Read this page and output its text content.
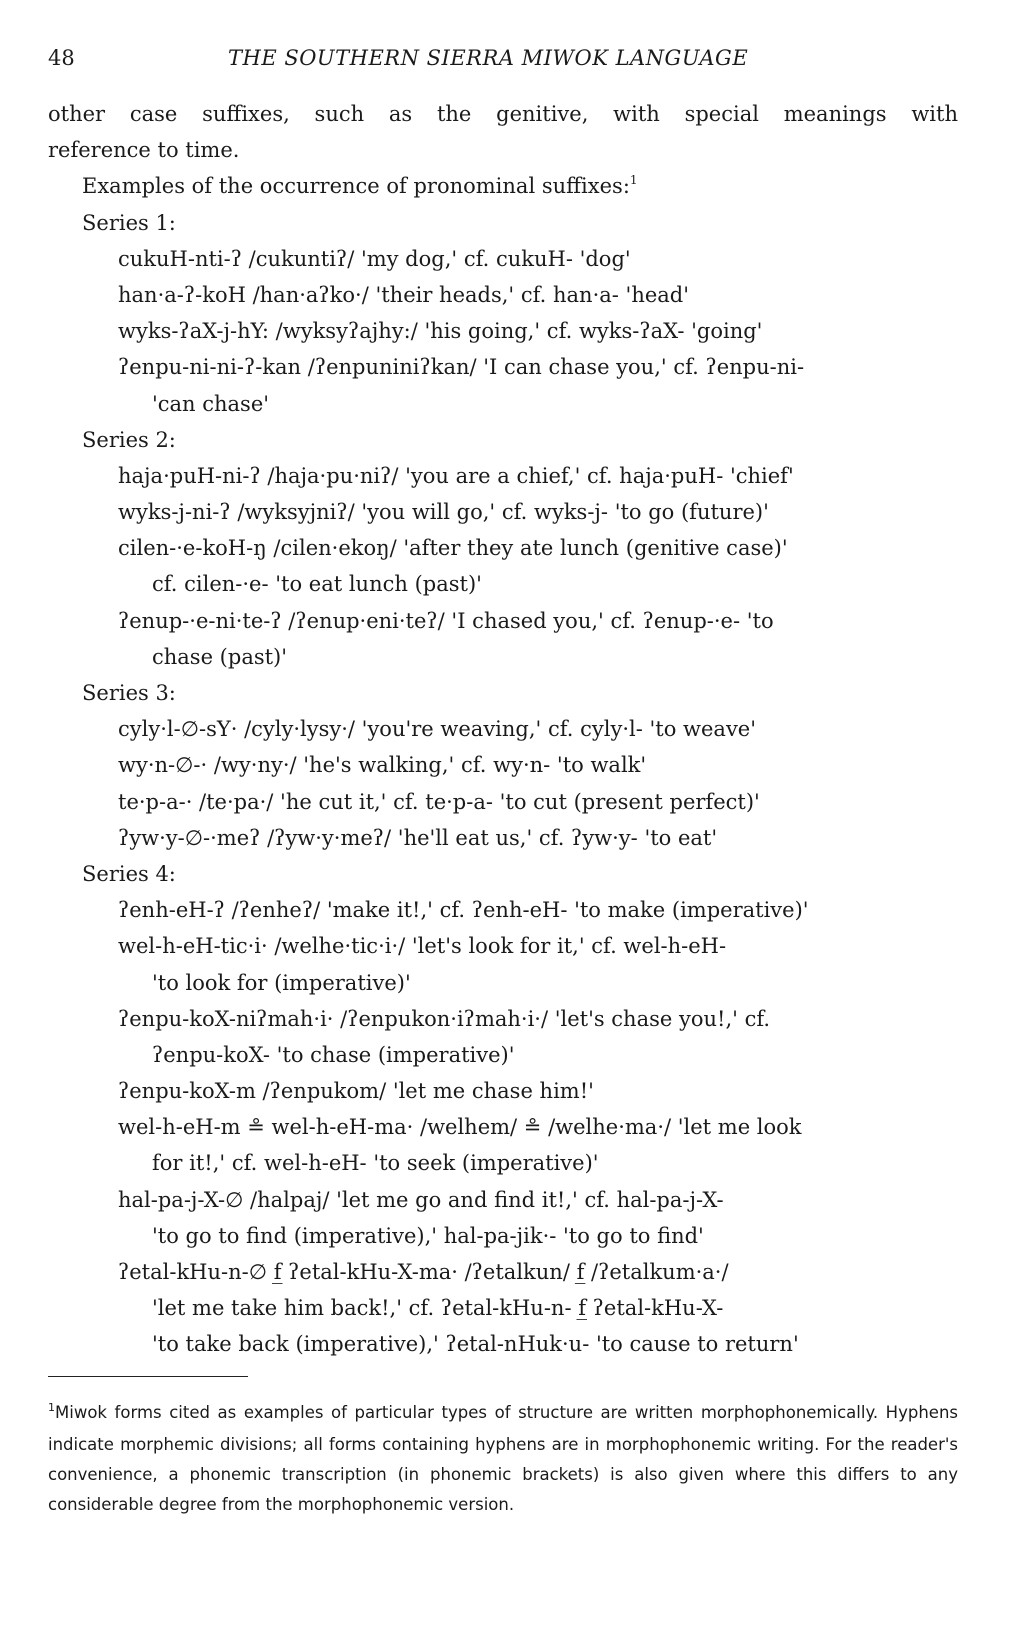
48	THE SOUTHERN SIERRA MIWOK LANGUAGE
other case suffixes, such as the genitive, with special meanings with
reference to time.
Examples of the occurrence of pronominal suffixes:$^1$
Series 1:
cukuH-nti-ʔ /cukuntiʔ/ 'my dog,' cf. cukuH- 'dog'
han·a-ʔ-koH /han·aʔko·/ 'their heads,' cf. han·a- 'head'
wyks-ʔaX-j-hY: /wyksyʔajhy:/ 'his going,' cf. wyks-ʔaX- 'going'
ʔenpu-ni-ni-ʔ-kan /ʔenpuniniʔkan/ 'I can chase you,' cf. ʔenpu-ni-
'can chase'
Series 2:
haja·puH-ni-ʔ /haja·pu·niʔ/ 'you are a chief,' cf. haja·puH- 'chief'
wyks-j-ni-ʔ /wyksyjniʔ/ 'you will go,' cf. wyks-j- 'to go (future)'
cilen-·e-koH-ŋ /cilen·ekoŋ/ 'after they ate lunch (genitive case)'
cf. cilen-·e- 'to eat lunch (past)'
ʔenup-·e-ni·te-ʔ /ʔenup·eni·teʔ/ 'I chased you,' cf. ʔenup-·e- 'to
chase (past)'
Series 3:
cyly·l-∅-sY· /cyly·lysy·/ 'you're weaving,' cf. cyly·l- 'to weave'
wy·n-∅-· /wy·ny·/ 'he's walking,' cf. wy·n- 'to walk'
te·p-a-· /te·pa·/ 'he cut it,' cf. te·p-a- 'to cut (present perfect)'
ʔyw·y-∅-·meʔ /ʔyw·y·meʔ/ 'he'll eat us,' cf. ʔyw·y- 'to eat'
Series 4:
ʔenh-eH-ʔ /ʔenheʔ/ 'make it!,' cf. ʔenh-eH- 'to make (imperative)'
wel-h-eH-tic·i· /welhe·tic·i·/ 'let's look for it,' cf. wel-h-eH-
'to look for (imperative)'
ʔenpu-koX-niʔmah·i· /ʔenpukon·iʔmah·i·/ 'let's chase you!,' cf.
ʔenpu-koX- 'to chase (imperative)'
ʔenpu-koX-m /ʔenpukom/ 'let me chase him!'
wel-h-eH-m ≗ wel-h-eH-ma· /welhem/ ≗ /welhe·ma·/ 'let me look
for it!,' cf. wel-h-eH- 'to seek (imperative)'
hal-pa-j-X-∅ /halpaj/ 'let me go and find it!,' cf. hal-pa-j-X-
'to go to find (imperative),' hal-pa-jik·- 'to go to find'
ʔetal-kHu-n-∅ f̲ ʔetal-kHu-X-ma· /ʔetalkun/ f̲ /ʔetalkum·a·/
'let me take him back!,' cf. ʔetal-kHu-n- f̲ ʔetal-kHu-X-
'to take back (imperative),' ʔetal-nHuk·u- 'to cause to return'
$^1$Miwok forms cited as examples of particular types of structure are written morphophonemically. Hyphens indicate morphemic divisions; all forms containing hyphens are in morphophonemic writing. For the reader's convenience, a phonemic transcription (in phonemic brackets) is also given where this differs to any considerable degree from the morphophonemic version.
